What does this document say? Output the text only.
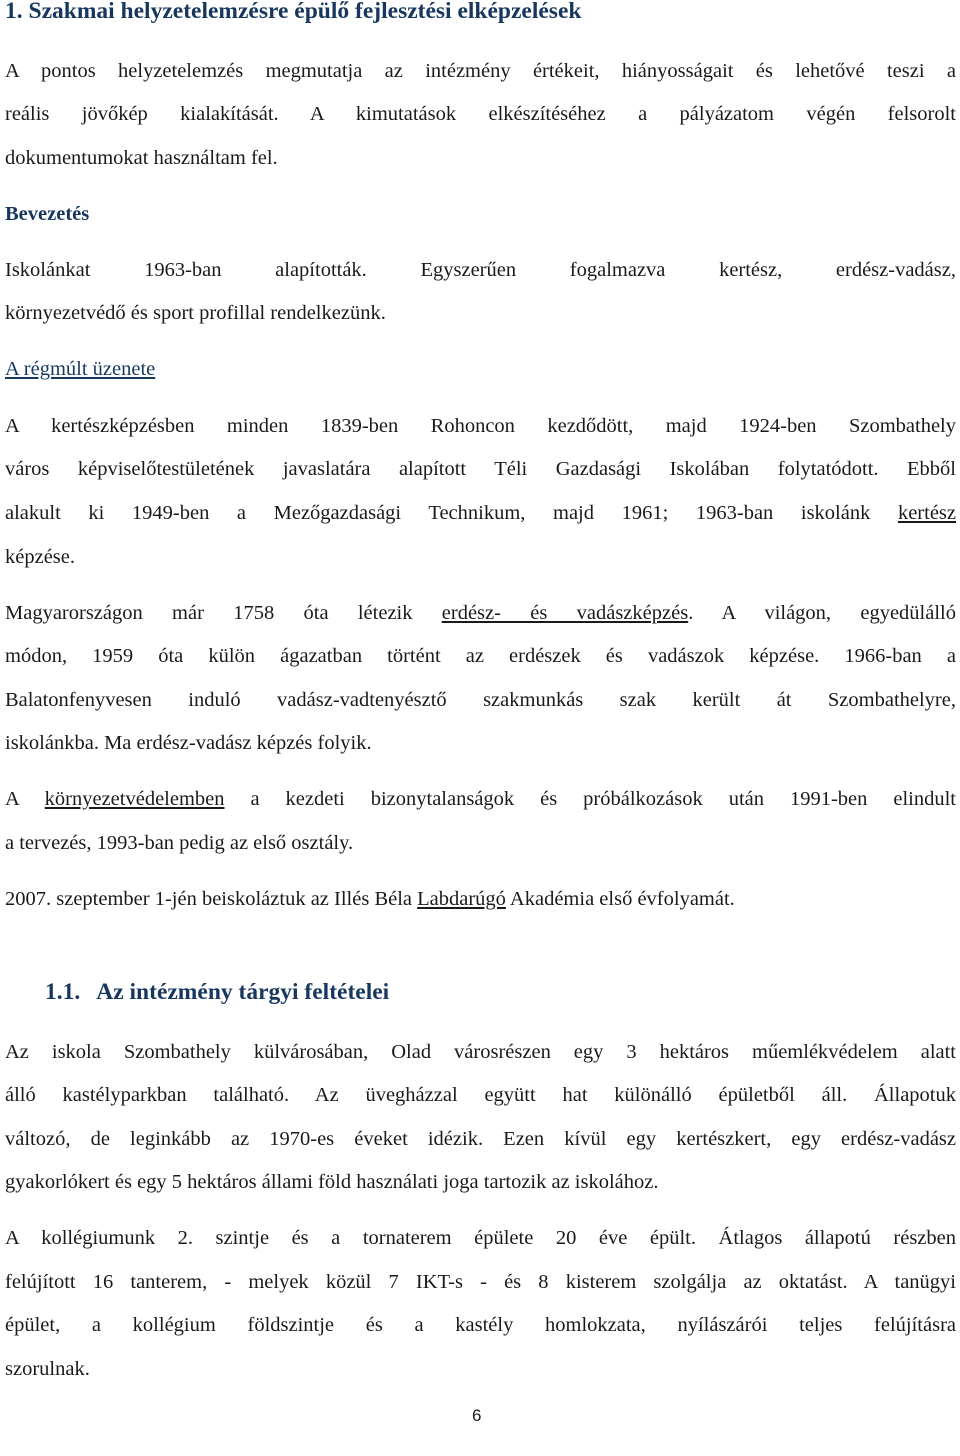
1. Szakmai helyzetelemzésre épülő fejlesztési elképzelések
A pontos helyzetelemzés megmutatja az intézmény értékeit, hiányosságait és lehetővé teszi a
reális jövőkép kialakítását. A kimutatások elkészítéséhez a pályázatom végén felsorolt
dokumentumokat használtam fel.
Bevezetés
Iskolánkat 1963-ban alapították. Egyszerűen fogalmazva kertész, erdész-vadász,
környezetvédő és sport profillal rendelkezünk.
A régmúlt üzenete
A kertészképzésben minden 1839-ben Rohoncon kezdődött, majd 1924-ben Szombathely
város képviselőtestületének javaslatára alapított Téli Gazdasági Iskolában folytatódott. Ebből
alakult ki 1949-ben a Mezőgazdasági Technikum, majd 1961; 1963-ban iskolánk kertész
képzése.
Magyarországon már 1758 óta létezik erdész- és vadászképzés. A világon, egyedülálló
módon, 1959 óta külön ágazatban történt az erdészek és vadászok képzése. 1966-ban a
Balatonfenyvesen induló vadász-vadtenyésztő szakmunkás szak került át Szombathelyre,
iskolánkba. Ma erdész-vadász képzés folyik.
A környezetvédelemben a kezdeti bizonytalanságok és próbálkozások után 1991-ben elindult
a tervezés, 1993-ban pedig az első osztály.
2007. szeptember 1-jén beiskoláztuk az Illés Béla Labdarúgó Akadémia első évfolyamát.
1.1. Az intézmény tárgyi feltételei
Az iskola Szombathely külvárosában, Olad városrészen egy 3 hektáros műemlékvédelem alatt
álló kastélyparkban található. Az üvegházzal együtt hat különálló épületből áll. Állapotuk
változó, de leginkább az 1970-es éveket idézik. Ezen kívül egy kertészkert, egy erdész-vadász
gyakorlókert és egy 5 hektáros állami föld használati joga tartozik az iskolához.
A kollégiumunk 2. szintje és a tornaterem épülete 20 éve épült. Átlagos állapotú részben
felújított 16 tanterem, - melyek közül 7 IKT-s - és 8 kisterem szolgálja az oktatást. A tanügyi
épület, a kollégium földszintje és a kastély homlokzata, nyílászárói teljes felújításra
szorulnak.
6
